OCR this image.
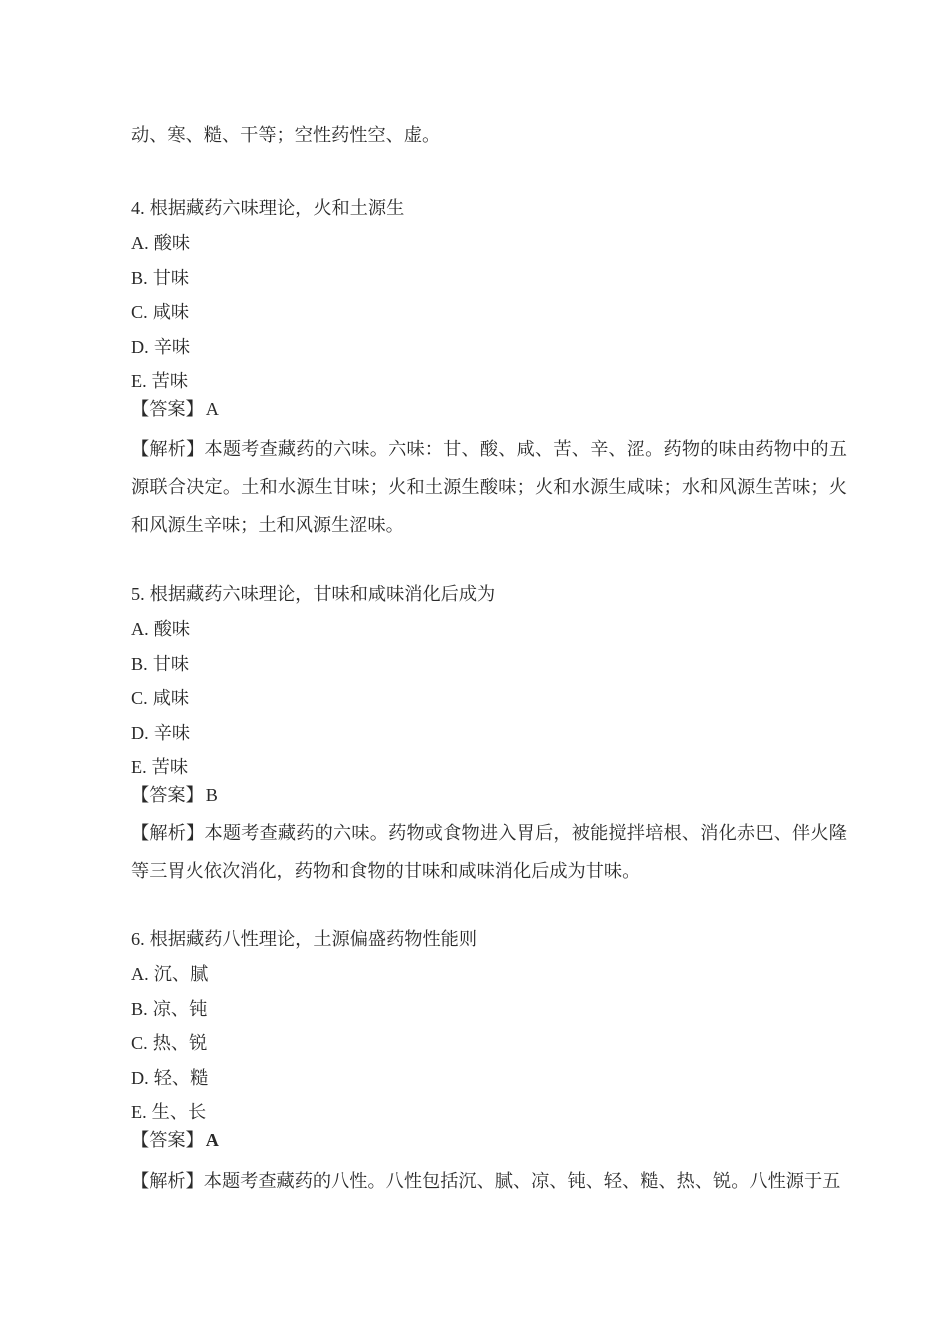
动、寒、糙、干等；空性药性空、虚。

4. 根据藏药六味理论，火和土源生

A. 酸味

B. 甘味

C. 咸味

D. 辛味

E. 苦味

【答案】 A

【解析】本题考查藏药的六味。六味：甘、酸、咸、苦、辛、涩。药物的味由药物中的五源联合决定。土和水源生甘味；火和土源生酸味；火和水源生咸味；水和风源生苦味；火和风源生辛味；土和风源生涩味。

5. 根据藏药六味理论，甘味和咸味消化后成为

A. 酸味

B. 甘味

C. 咸味

D. 辛味

E. 苦味

【答案】 B

【解析】本题考查藏药的六味。药物或食物进入胃后，被能搅拌培根、消化赤巴、伴火隆等三胃火依次消化，药物和食物的甘味和咸味消化后成为甘味。

6. 根据藏药八性理论，土源偏盛药物性能则

A. 沉、腻

B. 凉、钝

C. 热、锐

D. 轻、糙

E. 生、长

【答案】 A

【解析】本题考查藏药的八性。八性包括沉、腻、凉、钝、轻、糙、热、锐。八性源于五
